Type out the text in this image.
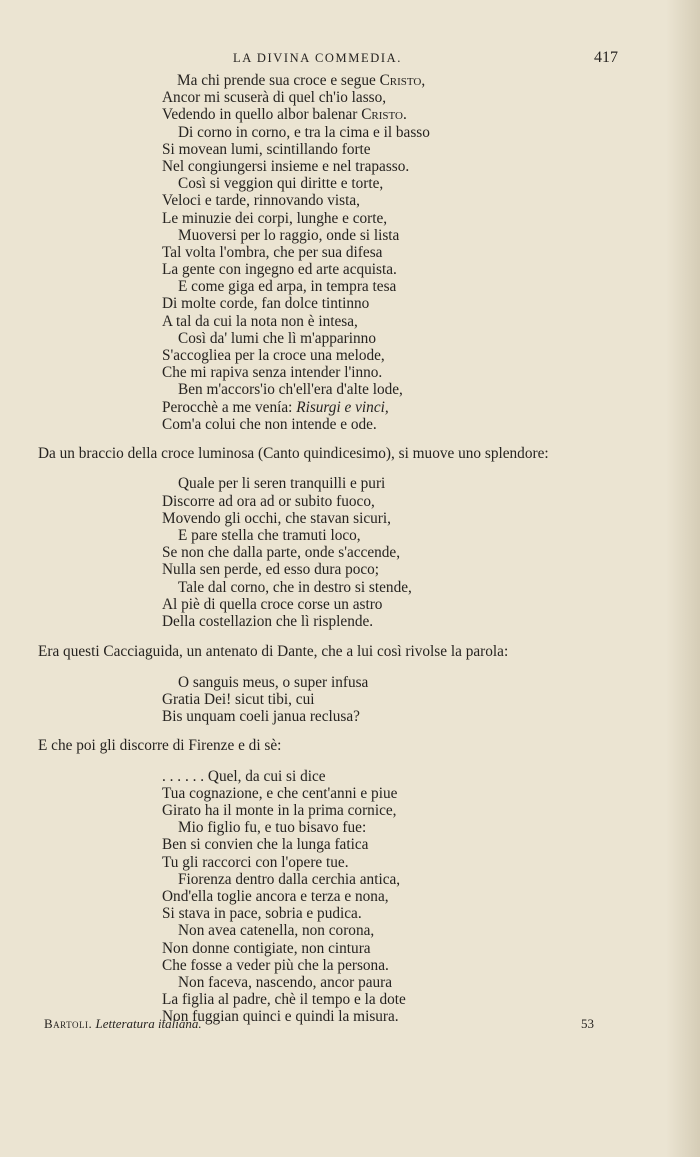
LA DIVINA COMMEDIA.	417
Ma chi prende sua croce e segue Cristo,
Ancor mi scuserà di quel ch'io lasso,
Vedendo in quello albor balenar Cristo.
Di corno in corno, e tra la cima e il basso
Si movean lumi, scintillando forte
Nel congiungersi insieme e nel trapasso.
Così si veggion qui diritte e torte,
Veloci e tarde, rinnovando vista,
Le minuzie dei corpi, lunghe e corte,
Muoversi per lo raggio, onde si lista
Tal volta l'ombra, che per sua difesa
La gente con ingegno ed arte acquista.
E come giga ed arpa, in tempra tesa
Di molte corde, fan dolce tintinno
A tal da cui la nota non è intesa,
Così da' lumi che lì m'apparinno
S'accogliea per la croce una melode,
Che mi rapiva senza intender l'inno.
Ben m'accors'io ch'ell'era d'alte lode,
Perocchè a me venía: Risurgi e vinci,
Com'a colui che non intende e ode.

Da un braccio della croce luminosa (Canto quindicesimo), si muove uno splendore:

Quale per li seren tranquilli e puri
Discorre ad ora ad or subito fuoco,
Movendo gli occhi, che stavan sicuri,
E pare stella che tramuti loco,
Se non che dalla parte, onde s'accende,
Nulla sen perde, ed esso dura poco;
Tale dal corno, che in destro si stende,
Al piè di quella croce corse un astro
Della costellazion che lì risplende.

Era questi Cacciaguida, un antenato di Dante, che a lui così rivolse la parola:

O sanguis meus, o super infusa
Gratia Dei! sicut tibi, cui
Bis unquam coeli janua reclusa?

E che poi gli discorre di Firenze e di sè:

. . . . . . Quel, da cui si dice
Tua cognazione, e che cent'anni e piue
Girato ha il monte in la prima cornice,
Mio figlio fu, e tuo bisavo fue:
Ben si convien che la lunga fatica
Tu gli raccorci con l'opere tue.
Fiorenza dentro dalla cerchia antica,
Ond'ella toglie ancora e terza e nona,
Si stava in pace, sobria e pudica.
Non avea catenella, non corona,
Non donne contigiate, non cintura
Che fosse a veder più che la persona.
Non faceva, nascendo, ancor paura
La figlia al padre, chè il tempo e la dote
Non fuggian quinci e quindi la misura.
Bartoli. Letteratura italiana.	53
